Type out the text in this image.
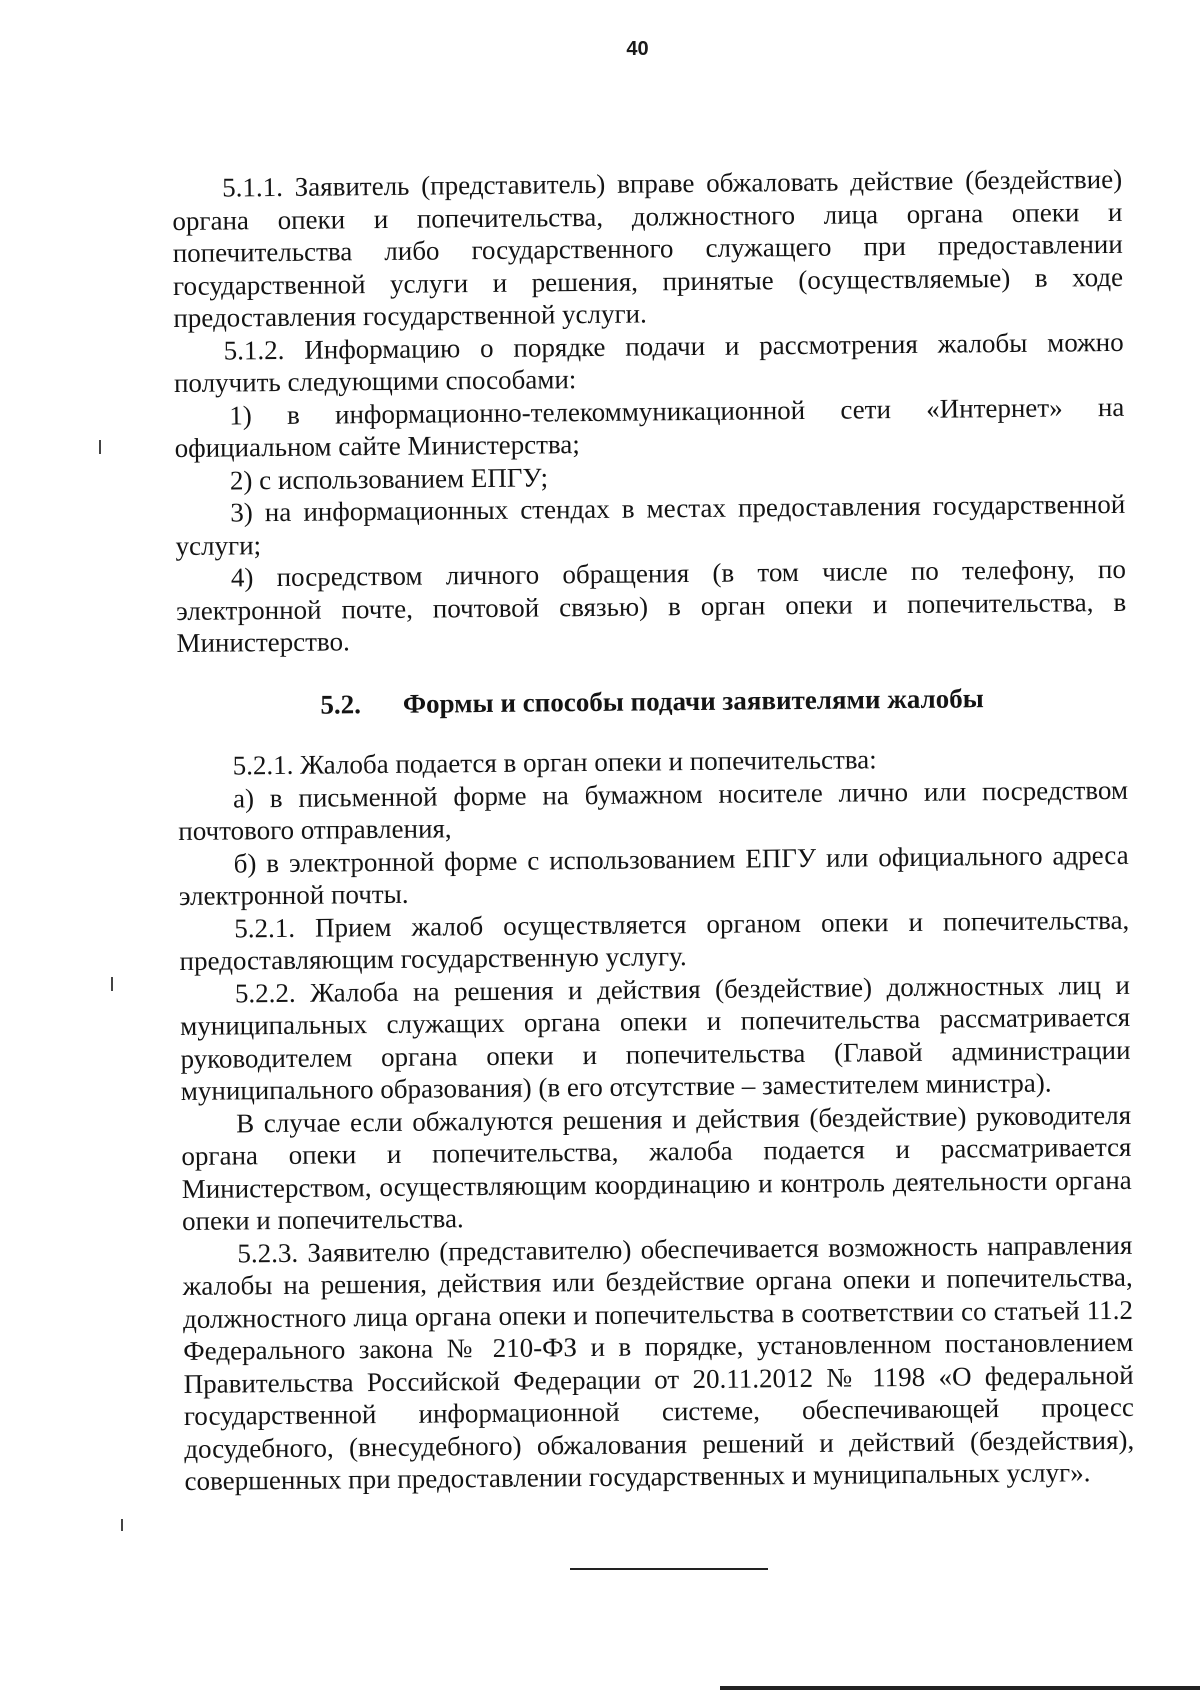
40

5.1.1. Заявитель (представитель) вправе обжаловать действие (бездействие) органа опеки и попечительства, должностного лица органа опеки и попечительства либо государственного служащего при предоставлении государственной услуги и решения, принятые (осуществляемые) в ходе предоставления государственной услуги.

5.1.2. Информацию о порядке подачи и рассмотрения жалобы можно получить следующими способами:

1) в информационно-телекоммуникационной сети «Интернет» на официальном сайте Министерства;

2) с использованием ЕПГУ;

3) на информационных стендах в местах предоставления государственной услуги;

4) посредством личного обращения (в том числе по телефону, по электронной почте, почтовой связью) в орган опеки и попечительства, в Министерство.

5.2. Формы и способы подачи заявителями жалобы

5.2.1. Жалоба подается в орган опеки и попечительства:

а) в письменной форме на бумажном носителе лично или посредством почтового отправления,

б) в электронной форме с использованием ЕПГУ или официального адреса электронной почты.

5.2.1. Прием жалоб осуществляется органом опеки и попечительства, предоставляющим государственную услугу.

5.2.2. Жалоба на решения и действия (бездействие) должностных лиц и муниципальных служащих органа опеки и попечительства рассматривается руководителем органа опеки и попечительства (Главой администрации муниципального образования) (в его отсутствие – заместителем министра).

В случае если обжалуются решения и действия (бездействие) руководителя органа опеки и попечительства, жалоба подается и рассматривается Министерством, осуществляющим координацию и контроль деятельности органа опеки и попечительства.

5.2.3. Заявителю (представителю) обеспечивается возможность направления жалобы на решения, действия или бездействие органа опеки и попечительства, должностного лица органа опеки и попечительства в соответствии со статьей 11.2 Федерального закона № 210-ФЗ и в порядке, установленном постановлением Правительства Российской Федерации от 20.11.2012 № 1198 «О федеральной государственной информационной системе, обеспечивающей процесс досудебного, (внесудебного) обжалования решений и действий (бездействия), совершенных при предоставлении государственных и муниципальных услуг».
